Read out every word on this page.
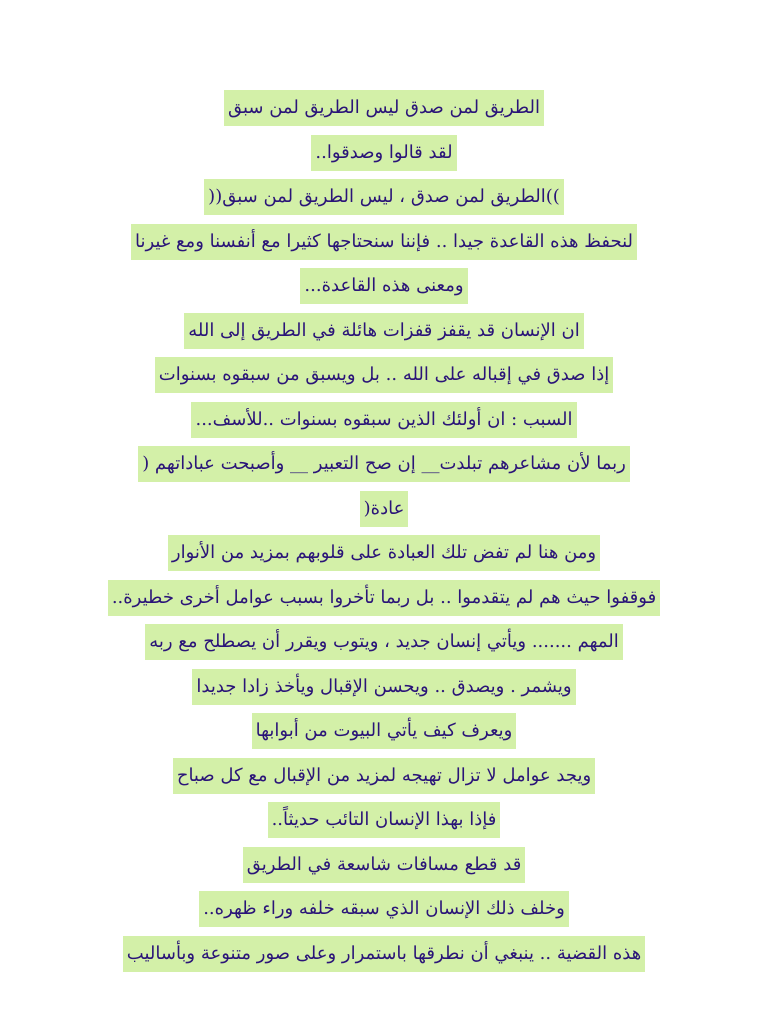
الطريق لمن صدق ليس الطريق لمن سبق
لقد قالوا وصدقوا..
))الطريق لمن صدق ، ليس الطريق لمن سبق((
لنحفظ هذه القاعدة جيدا .. فإننا سنحتاجها كثيرا مع أنفسنا ومع غيرنا
ومعنى هذه القاعدة...
ان الإنسان قد يقفز قفزات هائلة في الطريق إلى الله
إذا صدق في إقباله على الله .. بل ويسبق من سبقوه بسنوات
السبب : ان أولئك الذين سبقوه بسنوات ..للأسف...
ربما لأن مشاعرهم تبلدت__ إن صح التعبير __ وأصبحت عباداتهم (
عادة(
ومن هنا لم تفض تلك العبادة على قلوبهم بمزيد من الأنوار
فوقفوا حيث هم لم يتقدموا .. بل ربما تأخروا بسبب عوامل أخرى خطيرة..
المهم ....... ويأتي إنسان جديد ، ويتوب ويقرر أن يصطلح مع ربه
ويشمر . ويصدق .. ويحسن الإقبال ويأخذ زادا جديدا
ويعرف كيف يأتي البيوت من أبوابها
ويجد عوامل لا تزال تهيجه لمزيد من الإقبال مع كل صباح
فإذا بهذا الإنسان التائب حديثاً..
قد قطع مسافات شاسعة في الطريق
وخلف ذلك الإنسان الذي سبقه خلفه وراء ظهره..
هذه القضية .. ينبغي أن نطرقها باستمرار وعلى صور متنوعة وبأساليب
